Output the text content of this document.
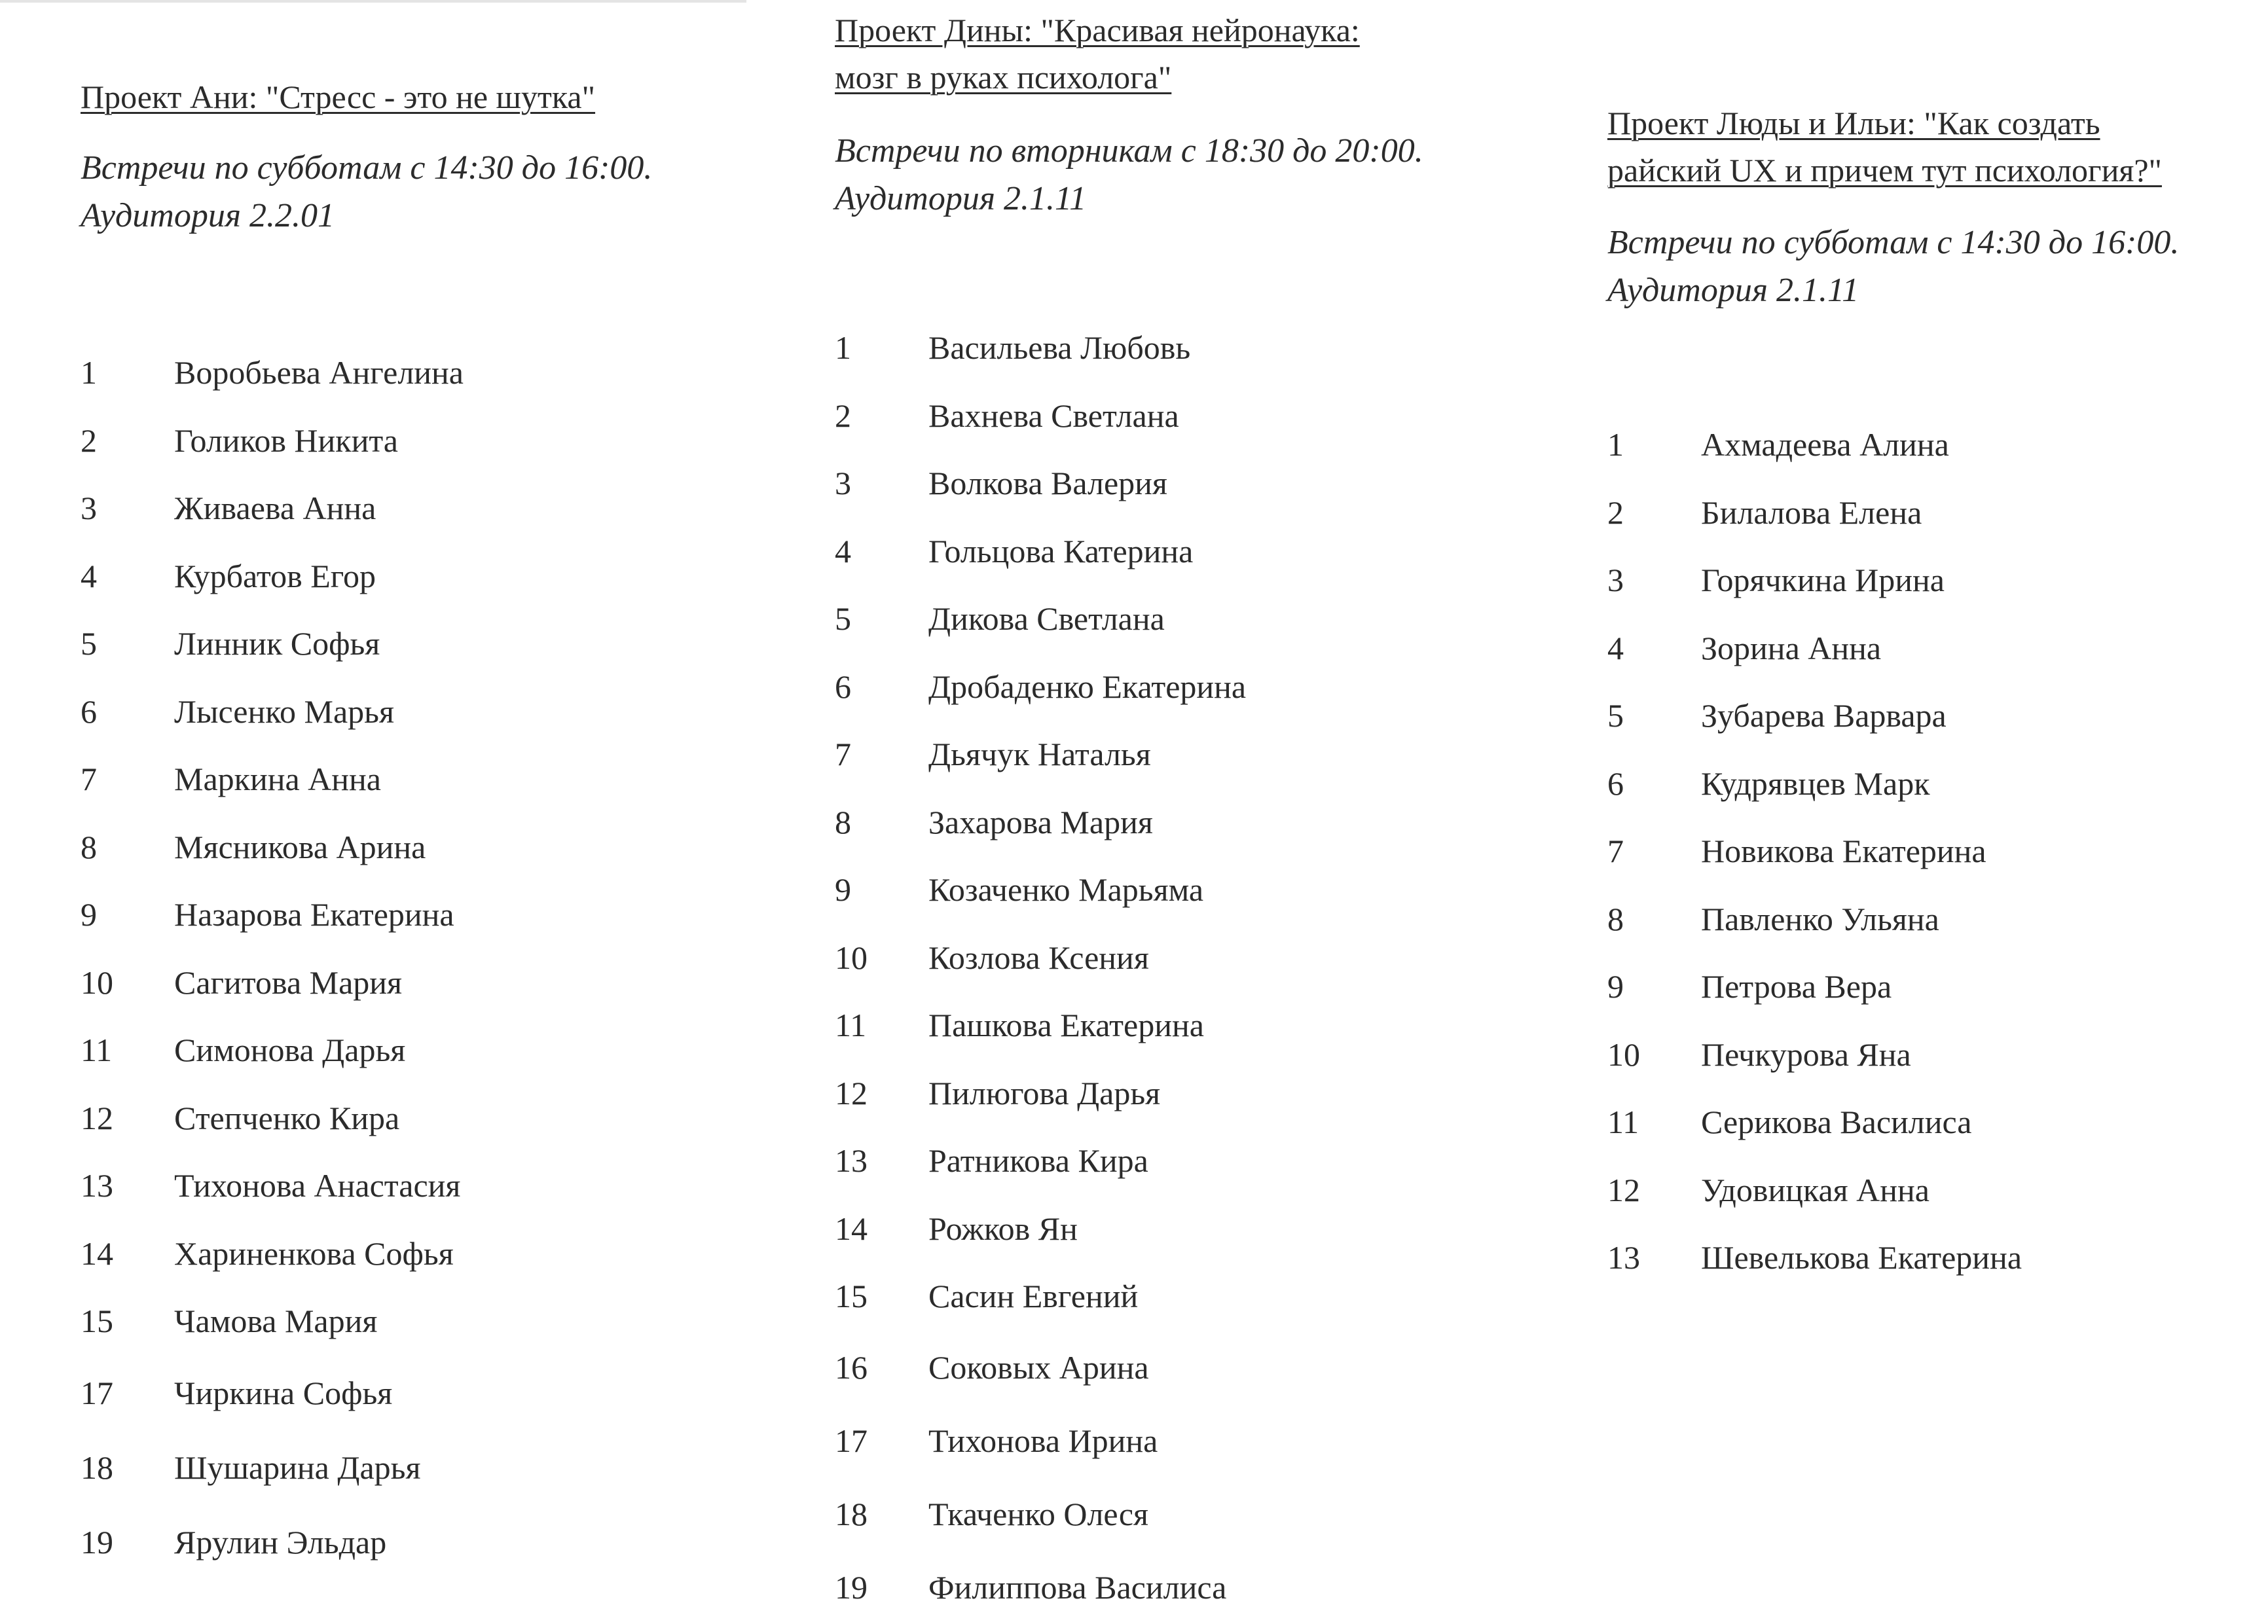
Проект Ани: "Стресс - это не шутка"

Встречи по субботам с 14:30 до 16:00.
Аудитория 2.2.01

1	Воробьева Ангелина
2	Голиков Никита
3	Живаева Анна
4	Курбатов Егор
5	Линник Софья
6	Лысенко Марья
7	Маркина Анна
8	Мясникова Арина
9	Назарова Екатерина
10	Сагитова Мария
11	Симонова Дарья
12	Степченко Кира
13	Тихонова Анастасия
14	Хариненкова Софья
15	Чамова Мария
17	Чиркина Софья
18	Шушарина Дарья
19	Ярулин Эльдар
Проект Дины: "Красивая нейронаука:
мозг в руках психолога"

Встречи по вторникам с 18:30 до 20:00.
Аудитория 2.1.11

1	Васильева Любовь
2	Вахнева Светлана
3	Волкова Валерия
4	Гольцова Катерина
5	Дикова Светлана
6	Дробаденко Екатерина
7	Дьячук Наталья
8	Захарова Мария
9	Козаченко Марьяма
10	Козлова Ксения
11	Пашкова Екатерина
12	Пилюгова Дарья
13	Ратникова Кира
14	Рожков Ян
15	Сасин Евгений
16	Соковых Арина
17	Тихонова Ирина
18	Ткаченко Олеся
19	Филиппова Василиса
Проект Люды и Ильи: "Как создать
райский UX и причем тут психология?"

Встречи по субботам с 14:30 до 16:00.
Аудитория 2.1.11

1	Ахмадеева Алина
2	Билалова Елена
3	Горячкина Ирина
4	Зорина Анна
5	Зубарева Варвара
6	Кудрявцев Марк
7	Новикова Екатерина
8	Павленко Ульяна
9	Петрова Вера
10	Печкурова Яна
11	Серикова Василиса
12	Удовицкая Анна
13	Шевелькова Екатерина
